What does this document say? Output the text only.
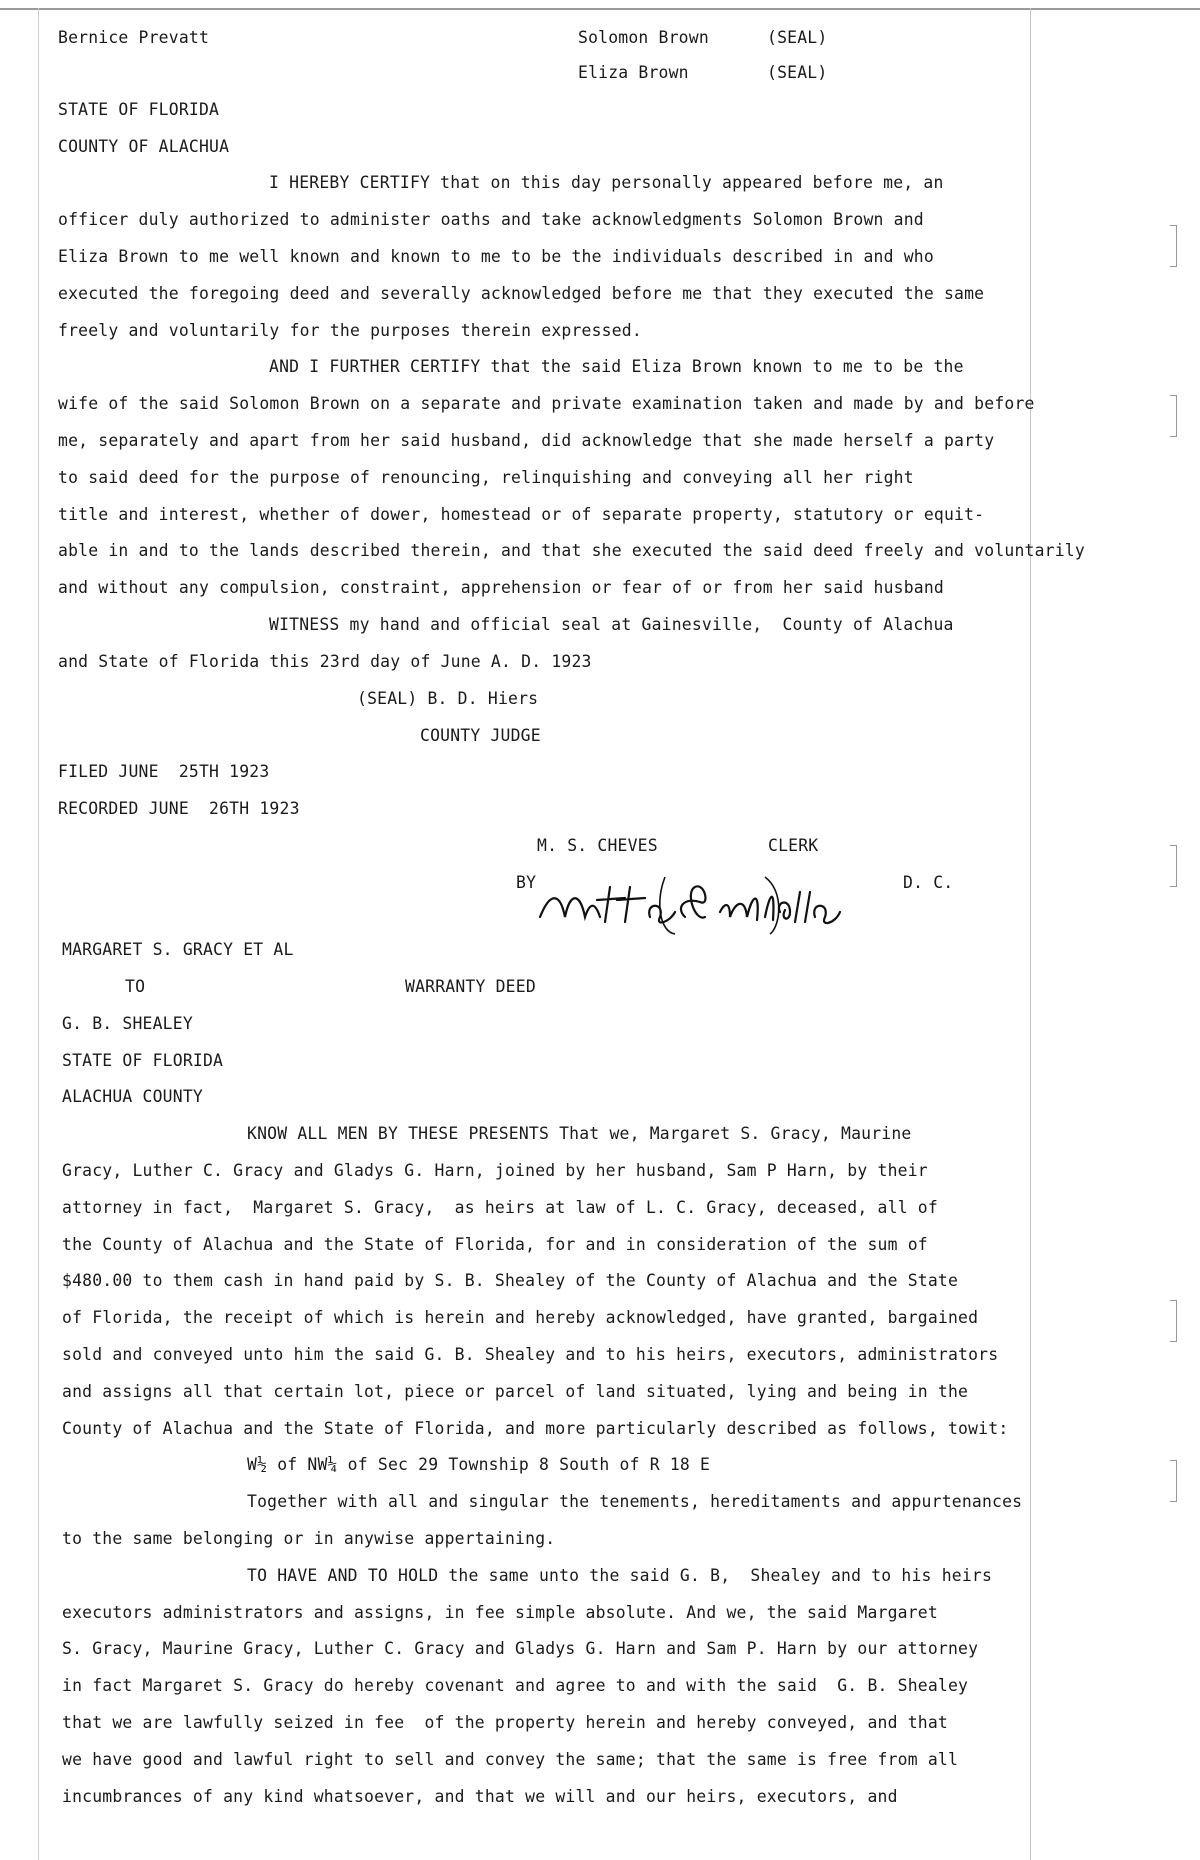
Bernice Prevatt	Solomon Brown	(SEAL)

Eliza Brown	(SEAL)

STATE OF FLORIDA

COUNTY OF ALACHUA

I HEREBY CERTIFY that on this day personally appeared before me, an

officer duly authorized to administer oaths and take acknowledgments Solomon Brown and

Eliza Brown to me well known and known to me to be the individuals described in and who

executed the foregoing deed and severally acknowledged before me that they executed the same

freely and voluntarily for the purposes therein expressed.

AND I FURTHER CERTIFY that the said Eliza Brown known to me to be the

wife of the said Solomon Brown on a separate and private examination taken and made by and before

me, separately and apart from her said husband, did acknowledge that she made herself a party

to said deed for the purpose of renouncing, relinquishing and conveying all her right

title and interest, whether of dower, homestead or of separate property, statutory or equit-

able in and to the lands described therein, and that she executed the said deed freely and voluntarily

and without any compulsion, constraint, apprehension or fear of or from her said husband

WITNESS my hand and official seal at Gainesville,  County of Alachua

and State of Florida this 23rd day of June A. D. 1923

(SEAL) B. D. Hiers

COUNTY JUDGE

FILED JUNE  25TH 1923

RECORDED JUNE  26TH 1923

M. S. CHEVES	CLERK

BY	D. C.

MARGARET S. GRACY ET AL

TO	WARRANTY DEED

G. B. SHEALEY

STATE OF FLORIDA

ALACHUA COUNTY

KNOW ALL MEN BY THESE PRESENTS That we, Margaret S. Gracy, Maurine

Gracy, Luther C. Gracy and Gladys G. Harn, joined by her husband, Sam P Harn, by their

attorney in fact,  Margaret S. Gracy,  as heirs at law of L. C. Gracy, deceased, all of

the County of Alachua and the State of Florida, for and in consideration of the sum of

$480.00 to them cash in hand paid by S. B. Shealey of the County of Alachua and the State

of Florida, the receipt of which is herein and hereby acknowledged, have granted, bargained

sold and conveyed unto him the said G. B. Shealey and to his heirs, executors, administrators

and assigns all that certain lot, piece or parcel of land situated, lying and being in the

County of Alachua and the State of Florida, and more particularly described as follows, towit:

W½ of NW¼ of Sec 29 Township 8 South of R 18 E

Together with all and singular the tenements, hereditaments and appurtenances

to the same belonging or in anywise appertaining.

TO HAVE AND TO HOLD the same unto the said G. B,  Shealey and to his heirs

executors administrators and assigns, in fee simple absolute. And we, the said Margaret

S. Gracy, Maurine Gracy, Luther C. Gracy and Gladys G. Harn and Sam P. Harn by our attorney

in fact Margaret S. Gracy do hereby covenant and agree to and with the said  G. B. Shealey

that we are lawfully seized in fee  of the property herein and hereby conveyed, and that

we have good and lawful right to sell and convey the same; that the same is free from all

incumbrances of any kind whatsoever, and that we will and our heirs, executors, and
